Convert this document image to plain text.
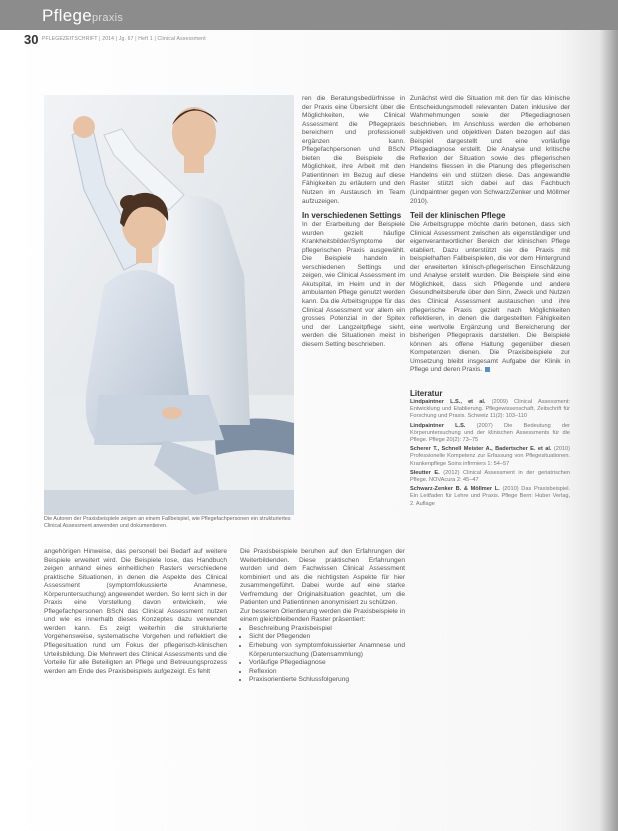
Pflegepraxis
30 PFLEGEZEITSCHRIFT | 2014 | Jg. 67 | Heft 1 | Clinical Assessment
Die Autoren der Praxisbeispiele zeigen an einem Fallbeispiel, wie Pflegefachpersonen ein strukturiertes Clinical Assessment anwenden und dokumentieren.

ren die Beratungsbedürfnisse in der Praxis eine Übersicht über die Möglichkeiten, wie Clinical Assessment die Pflegepraxis bereichern und professionell ergänzen kann. Pflegefachpersonen und BScN bieten die Beispiele die Möglichkeit, ihre Arbeit mit den Patientinnen im Bezug auf diese Fähigkeiten zu erläutern und den Nutzen im Austausch im Team aufzuzeigen.

In verschiedenen Settings

In der Erarbeitung der Beispiele wurden gezielt häufige Krankheitsbilder/Symptome der pflegerischen Praxis ausgewählt. Die Beispiele handeln in verschiedenen Settings und zeigen, wie Clinical Assessment im Akutspital, im Heim und in der ambulanten Pflege genutzt werden kann. Da die Arbeitsgruppe für das Clinical Assessment vor allem ein grosses Potenzial in der Spitex und der Langzeitpflege sieht, werden die Situationen meist in diesem Setting beschrieben.

angehörigen Hinweise, das personell bei Bedarf auf weitere Beispiele erweitert wird. Die Beispiele lose, das Handbuch zeigen anhand eines einheitlichen Rasters verschiedene praktische Situationen, in denen die Aspekte des Clinical Assessment (symptomfokussierte Anamnese, Körperuntersuchung) angewendet werden. So lernt sich in der Praxis eine Vorstellung davon entwickeln, wie Pflegefachpersonen BScN das Clinical Assessment nutzen und wie es innerhalb dieses Konzeptes dazu verwendet werden kann. Es zeigt weiterhin die strukturierte Vorgehensweise, systematische Vorgehen und reflektiert die Pflegesituation rund um Fokus der pflegerisch-klinischen Urteilsbildung. Die Mehrwert des Clinical Assessments und die Vorteile für alle Beteiligten an Pflege und Betreuungsprozess werden am Ende des Praxisbeispiels aufgezeigt. Es fehlt

Die Praxisbeispiele beruhen auf den Erfahrungen der Weiterbildenden. Diese praktischen Erfahrungen wurden und dem Fachwissen Clinical Assessment kombiniert und als die nichtigsten Aspekte für hier zusammengeführt. Dabei wurde auf eine starke Verfremdung der Originalsituation geachtet, um die Patienten und Patientinnen anonymisiert zu schützen.

Zur besseren Orientierung werden die Praxisbeispiele in einem gleichbleibenden Raster präsentiert:

• Beschreibung Praxisbeispiel
• Sicht der Pflegenden
• Erhebung von symptomfokussierter Anamnese und Körperuntersuchung (Datensammlung)
• Vorläufige Pflegediagnose
• Reflexion
• Praxisorientierte Schlussfolgerung

Zunächst wird die Situation mit den für das klinische Entscheidungsmodell relevanten Daten inklusive der Wahrnehmungen sowie der Pflegediagnosen beschrieben. Im Anschluss werden die erhobenen subjektiven und objektiven Daten bezogen auf das Beispiel dargestellt und eine vorläufige Pflegediagnose erstellt. Die Analyse und kritische Reflexion der Situation sowie des pflegerischen Handelns fliessen in die Planung des pflegerischen Handelns ein und stützen diese. Das angewandte Raster stützt sich dabei auf das Fachbuch (Lindpaintner gegen von Schwarz/Zenker und Möllmer 2010).

Teil der klinischen Pflege

Die Arbeitsgruppe möchte darin betonen, dass sich Clinical Assessment zwischen als eigenständiger und eigenverantwortlicher Bereich der klinischen Pflege etabliert. Dazu unterstützt sie die Praxis mit beispielhaften Fallbeispielen, die vor dem Hintergrund der erweiterten klinisch-pflegerischen Einschätzung und Analyse erstellt wurden. Die Beispiele sind eine Möglichkeit, dass sich Pflegende und andere Gesundheitsberufe über den Sinn, Zweck und Nutzen des Clinical Assessment austauschen und ihre pflegerische Praxis gezielt nach Möglichkeiten reflektieren, in denen die dargestellten Fähigkeiten eine wertvolle Ergänzung und Bereicherung der bisherigen Pflegepraxis darstellen. Die Beispiele können als offene Haltung gegenüber diesen Kompetenzen dienen. Die Praxisbeispiele zur Umsetzung bleibt insgesamt Aufgabe der Klinik in Pflege und deren Praxis.

Literatur

Lindpaintner L.S., et al. (2009) Clinical Assessment: Entwicklung und Etablierung. Pflegewissenschaft, Zeitschrift für Forschung und Praxis. Schweiz 11(2): 103–110

Lindpaintner L.S. (2007) Die Bedeutung der Körperuntersuchung und der klinischen Assessments für die Pflege. Pflege 20(2): 73–75

Scherer T., Schnell Meister A., Badertscher E. et al. (2010) Professionelle Kompetenz zur Erfassung von Pflegesituationen. Krankenpflege Soins infirmiers 1: 54–57

Sleutter E. (2012) Clinical Assessment in der geriatrischen Pflege. NOVAcura 2: 45–47

Schwarz-Zenker B. & Möllmer L. (2010) Das Praxisbeispiel. Ein Leitfaden für Lehre und Praxis. Pflege Bern: Huber Verlag, 2. Auflage
